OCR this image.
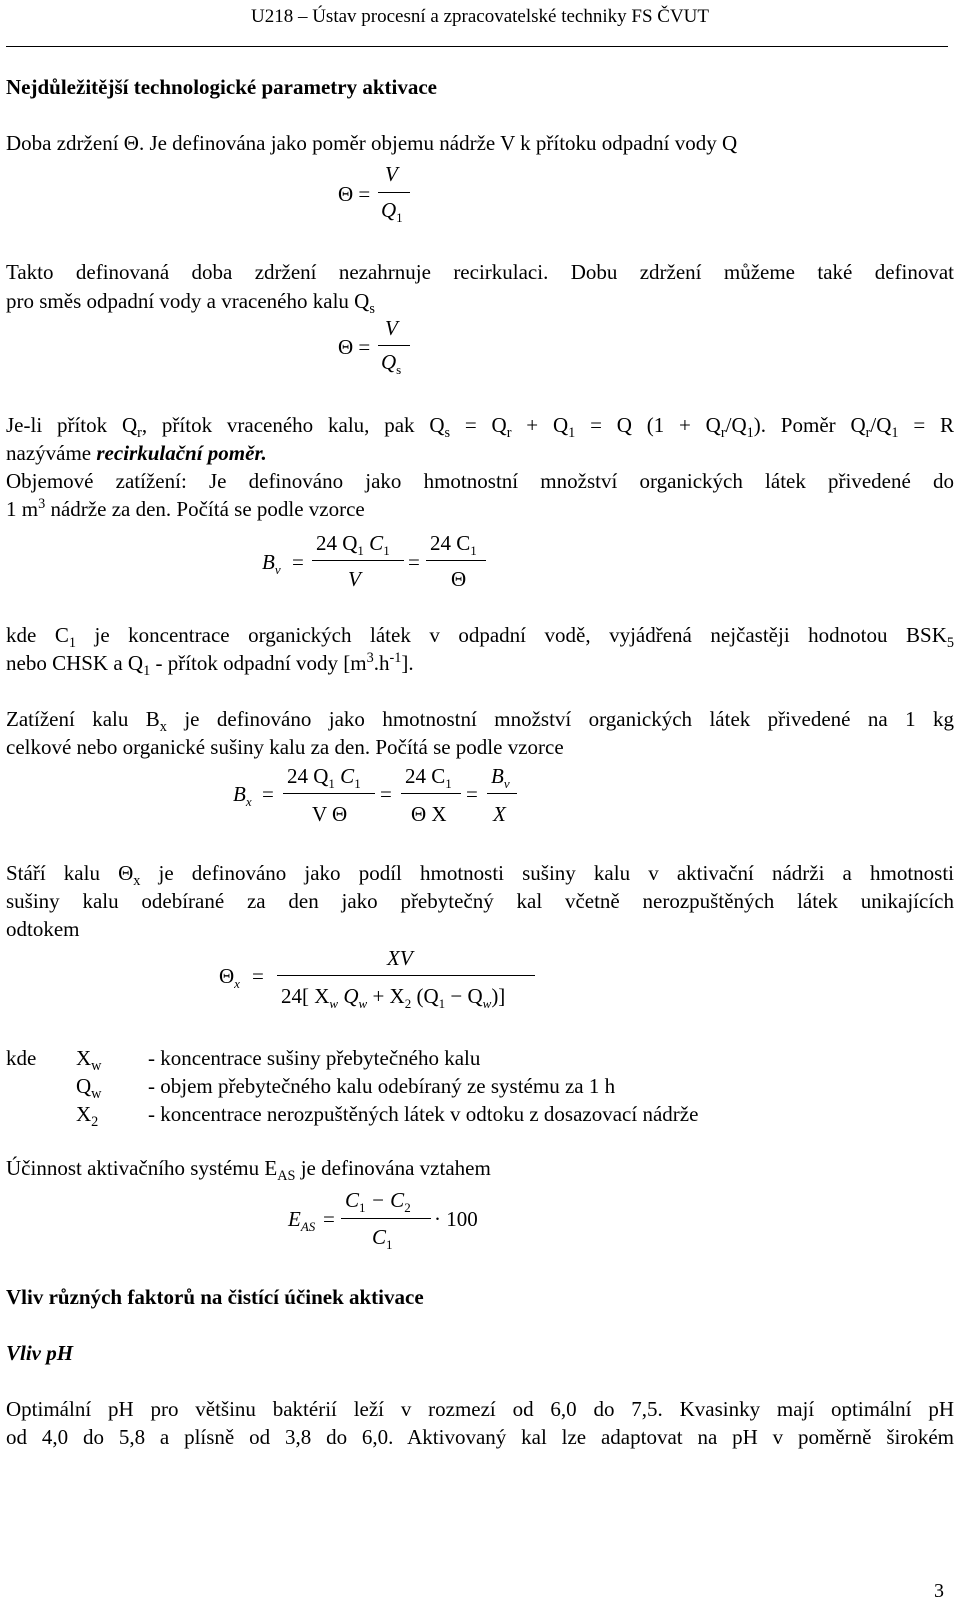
U218 – Ústav procesní a zpracovatelské techniky FS ČVUT
Nejdůležitější technologické parametry aktivace
Doba zdržení Θ. Je definována jako poměr objemu nádrže V k přítoku odpadní vody Q
Θ =
V
$Q_1$
Takto definovaná doba zdržení nezahrnuje recirkulaci. Dobu zdržení můžeme také definovat
pro směs odpadní vody a vraceného kalu $Q_s$
Θ =
V
$Q_s$
Je-li přítok $Q_r$, přítok vraceného kalu, pak $Q_s = Q_r + Q_1 = Q$ $(1 + Q_r/Q_1)$. Poměr $Q_r/Q_1 = R$
nazýváme recirkulační poměr.
Objemové zatížení: Je definováno jako hmotnostní množství organických látek přivedené do
1 $m^3$ nádrže za den. Počítá se podle vzorce
$B_v$ =
24 $Q_1$ $C_1$
V
=
24 $C_1$
Θ
kde $C_1$ je koncentrace organických látek v odpadní vodě, vyjádřená nejčastěji hodnotou $BSK_5$
nebo CHSK a $Q_1$ - přítok odpadní vody $[m^3.h^{-1}]$.
Zatížení kalu $B_x$ je definováno jako hmotnostní množství organických látek přivedené na 1 kg
celkové nebo organické sušiny kalu za den. Počítá se podle vzorce
$B_x$ =
24 $Q_1$ $C_1$
V Θ
=
24 $C_1$
Θ X
=
$B_v$
X
Stáří kalu $\Theta_x$ je definováno jako podíl hmotnosti sušiny kalu v aktivační nádrži a hmotnosti
sušiny kalu odebírané za den jako přebytečný kal včetně nerozpuštěných látek unikajících
odtokem
$\Theta_x$ =
XV
24[ $X_w$ $Q_w + X_2$ $(Q_1 - Q_w)$]
kde $X_w$ - koncentrace sušiny přebytečného kalu
$Q_w$ - objem přebytečného kalu odebíraný ze systému za 1 h
$X_2$ - koncentrace nerozpuštěných látek v odtoku z dosazovací nádrže
Účinnost aktivačního systému $E_{AS}$ je definována vztahem
$E_{AS}$ =
$C_1 - C_2$
$C_1$
· 100
Vliv různých faktorů na čistící účinek aktivace
Vliv pH
Optimální pH pro většinu baktérií leží v rozmezí od 6,0 do 7,5. Kvasinky mají optimální pH
od 4,0 do 5,8 a plísně od 3,8 do 6,0. Aktivovaný kal lze adaptovat na pH v poměrně širokém
3
